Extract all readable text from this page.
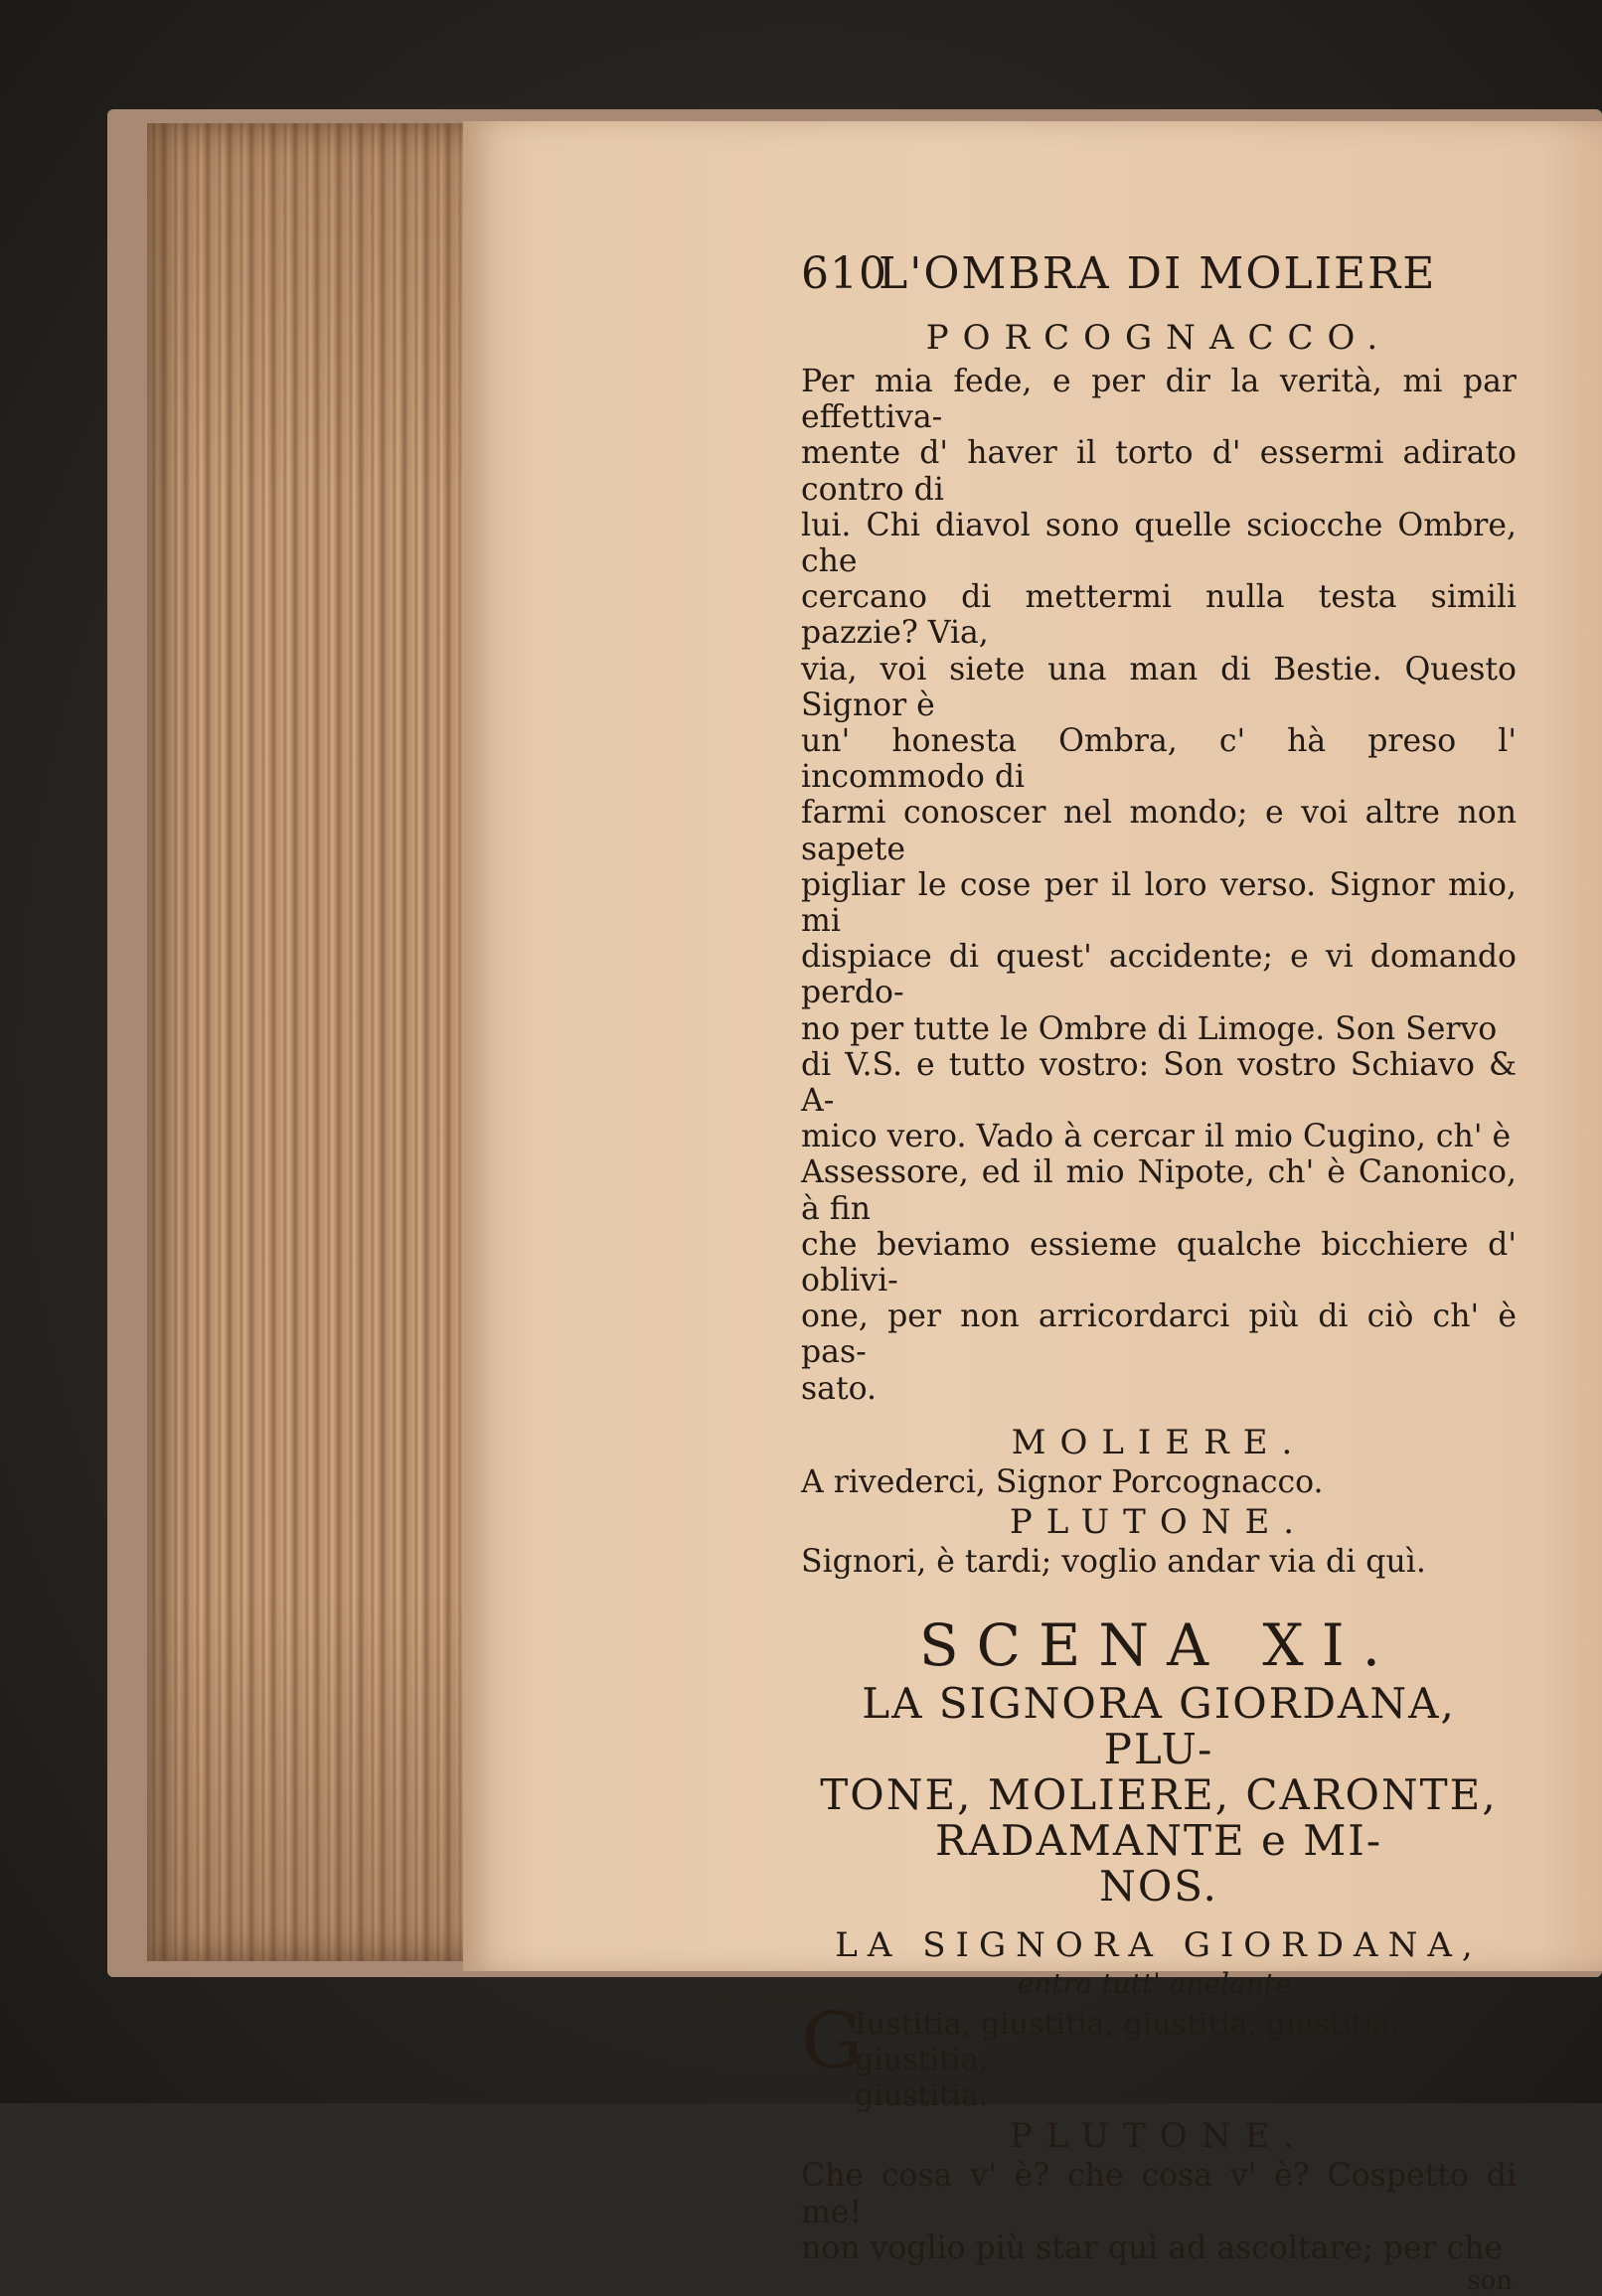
610
L'OMBRA DI MOLIERE
PORCOGNACCO.
Per mia fede, e per dir la verità, mi par effettiva-
mente d' haver il torto d' essermi adirato contro di
lui. Chi diavol sono quelle sciocche Ombre, che
cercano di mettermi nulla testa simili pazzie? Via,
via, voi siete una man di Bestie. Questo Signor è
un' honesta Ombra, c' hà preso l' incommodo di
farmi conoscer nel mondo; e voi altre non sapete
pigliar le cose per il loro verso. Signor mio, mi
dispiace di quest' accidente; e vi domando perdo-
no per tutte le Ombre di Limoge. Son Servo
di V.S. e tutto vostro: Son vostro Schiavo & A-
mico vero. Vado à cercar il mio Cugino, ch' è
Assessore, ed il mio Nipote, ch' è Canonico, à fin
che beviamo essieme qualche bicchiere d' oblivi-
one, per non arricordarci più di ciò ch' è pas-
sato.
MOLIERE.
A rivederci, Signor Porcognacco.
PLUTONE.
Signori, è tardi; voglio andar via di quì.
SCENA XI.
LA SIGNORA GIORDANA, PLU-
TONE, MOLIERE, CARONTE,
RADAMANTE e MI-
NOS.
LA SIGNORA GIORDANA,
entra tutt' anelante.
G
Iustitia, giustitia, giustitia, giustitia, giustitia,
giustitia.
PLUTONE.
Che cosa v' è? che cosa v' è? Cospetto di me!
non voglio più star quì ad ascoltare; per che
son
